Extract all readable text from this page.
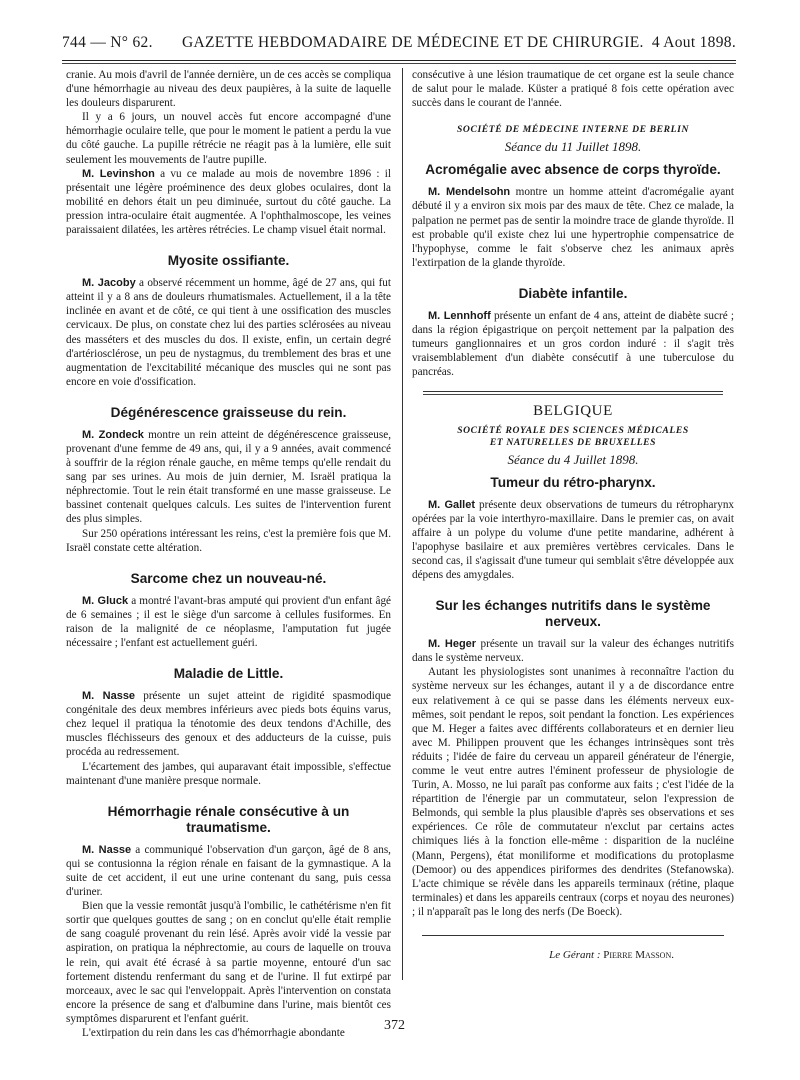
744 — N° 62. GAZETTE HEBDOMADAIRE DE MÉDECINE ET DE CHIRURGIE. 4 Aout 1898.

cranie. Au mois d'avril de l'année dernière, un de ces accès se compliqua d'une hémorrhagie au niveau des deux paupières, à la suite de laquelle les douleurs disparurent.

Il y a 6 jours, un nouvel accès fut encore accompagné d'une hémorrhagie oculaire telle, que pour le moment le patient a perdu la vue du côté gauche. La pupille rétrécie ne réagit pas à la lumière, elle suit seulement les mouvements de l'autre pupille.

M. Levinshon a vu ce malade au mois de novembre 1896 : il présentait une légère proéminence des deux globes oculaires, dont la mobilité en dehors était un peu diminuée, surtout du côté gauche. La pression intra-oculaire était augmentée. A l'ophthalmoscope, les veines paraissaient dilatées, les artères rétrécies. Le champ visuel était normal.

Myosite ossifiante.

M. Jacoby a observé récemment un homme, âgé de 27 ans, qui fut atteint il y a 8 ans de douleurs rhumatismales. Actuellement, il a la tête inclinée en avant et de côté, ce qui tient à une ossification des muscles cervicaux. De plus, on constate chez lui des parties sclérosées au niveau des masséters et des muscles du dos. Il existe, enfin, un certain degré d'artériosclérose, un peu de nystagmus, du tremblement des bras et une augmentation de l'excitabilité mécanique des muscles qui ne sont pas encore en voie d'ossification.

Dégénérescence graisseuse du rein.

M. Zondeck montre un rein atteint de dégénérescence graisseuse, provenant d'une femme de 49 ans, qui, il y a 9 années, avait commencé à souffrir de la région rénale gauche, en même temps qu'elle rendait du sang par ses urines. Au mois de juin dernier, M. Israël pratiqua la néphrectomie. Tout le rein était transformé en une masse graisseuse. Le bassinet contenait quelques calculs. Les suites de l'intervention furent des plus simples.

Sur 250 opérations intéressant les reins, c'est la première fois que M. Israël constate cette altération.

Sarcome chez un nouveau-né.

M. Gluck a montré l'avant-bras amputé qui provient d'un enfant âgé de 6 semaines ; il est le siège d'un sarcome à cellules fusiformes. En raison de la malignité de ce néoplasme, l'amputation fut jugée nécessaire ; l'enfant est actuellement guéri.

Maladie de Little.

M. Nasse présente un sujet atteint de rigidité spasmodique congénitale des deux membres inférieurs avec pieds bots équins varus, chez lequel il pratiqua la ténotomie des deux tendons d'Achille, des muscles fléchisseurs des genoux et des adducteurs de la cuisse, puis procéda au redressement.

L'écartement des jambes, qui auparavant était impossible, s'effectue maintenant d'une manière presque normale.

Hémorrhagie rénale consécutive à un traumatisme.

M. Nasse a communiqué l'observation d'un garçon, âgé de 8 ans, qui se contusionna la région rénale en faisant de la gymnastique. A la suite de cet accident, il eut une urine contenant du sang, puis cessa d'uriner.

Bien que la vessie remontât jusqu'à l'ombilic, le cathétérisme n'en fit sortir que quelques gouttes de sang ; on en conclut qu'elle était remplie de sang coagulé provenant du rein lésé. Après avoir vidé la vessie par aspiration, on pratiqua la néphrectomie, au cours de laquelle on trouva le rein, qui avait été écrasé à sa partie moyenne, entouré d'un sac fortement distendu renfermant du sang et de l'urine. Il fut extirpé par morceaux, avec le sac qui l'enveloppait. Après l'intervention on constata encore la présence de sang et d'albumine dans l'urine, mais bientôt ces symptômes disparurent et l'enfant guérit.

L'extirpation du rein dans les cas d'hémorrhagie abondante

consécutive à une lésion traumatique de cet organe est la seule chance de salut pour le malade. Küster a pratiqué 8 fois cette opération avec succès dans le courant de l'année.

SOCIÉTÉ DE MÉDECINE INTERNE DE BERLIN
Séance du 11 Juillet 1898.
Acromégalie avec absence de corps thyroïde.

M. Mendelsohn montre un homme atteint d'acromégalie ayant débuté il y a environ six mois par des maux de tête. Chez ce malade, la palpation ne permet pas de sentir la moindre trace de glande thyroïde. Il est probable qu'il existe chez lui une hypertrophie compensatrice de l'hypophyse, comme le fait s'observe chez les animaux après l'extirpation de la glande thyroïde.

Diabète infantile.

M. Lennhoff présente un enfant de 4 ans, atteint de diabète sucré ; dans la région épigastrique on perçoit nettement par la palpation des tumeurs ganglionnaires et un gros cordon induré : il s'agit très vraisemblablement d'un diabète consécutif à une tuberculose du pancréas.

BELGIQUE
SOCIÉTÉ ROYALE DES SCIENCES MÉDICALES
ET NATURELLES DE BRUXELLES
Séance du 4 Juillet 1898.
Tumeur du rétro-pharynx.

M. Gallet présente deux observations de tumeurs du rétropharynx opérées par la voie interthyro-maxillaire. Dans le premier cas, on avait affaire à un polype du volume d'une petite mandarine, adhérent à l'apophyse basilaire et aux premières vertèbres cervicales. Dans le second cas, il s'agissait d'une tumeur qui semblait s'être développée aux dépens des amygdales.

Sur les échanges nutritifs dans le système nerveux.

M. Heger présente un travail sur la valeur des échanges nutritifs dans le système nerveux.

Autant les physiologistes sont unanimes à reconnaître l'action du système nerveux sur les échanges, autant il y a de discordance entre eux relativement à ce qui se passe dans les éléments nerveux eux-mêmes, soit pendant le repos, soit pendant la fonction. Les expériences que M. Heger a faites avec différents collaborateurs et en dernier lieu avec M. Philippen prouvent que les échanges intrinsèques sont très réduits ; l'idée de faire du cerveau un appareil générateur de l'énergie, comme le veut entre autres l'éminent professeur de physiologie de Turin, A. Mosso, ne lui paraît pas conforme aux faits ; c'est l'idée de la répartition de l'énergie par un commutateur, selon l'expression de Belmonds, qui semble la plus plausible d'après ses observations et ses expériences. Ce rôle de commutateur n'exclut par certains actes chimiques liés à la fonction elle-même : disparition de la nucléine (Mann, Pergens), état moniliforme et modifications du protoplasme (Demoor) ou des appendices piriformes des dendrites (Stefanowska). L'acte chimique se révèle dans les appareils terminaux (rétine, plaque terminales) et dans les appareils centraux (corps et noyau des neurones) ; il n'apparaît pas le long des nerfs (De Boeck).

Le Gérant : Pierre Masson.
372
